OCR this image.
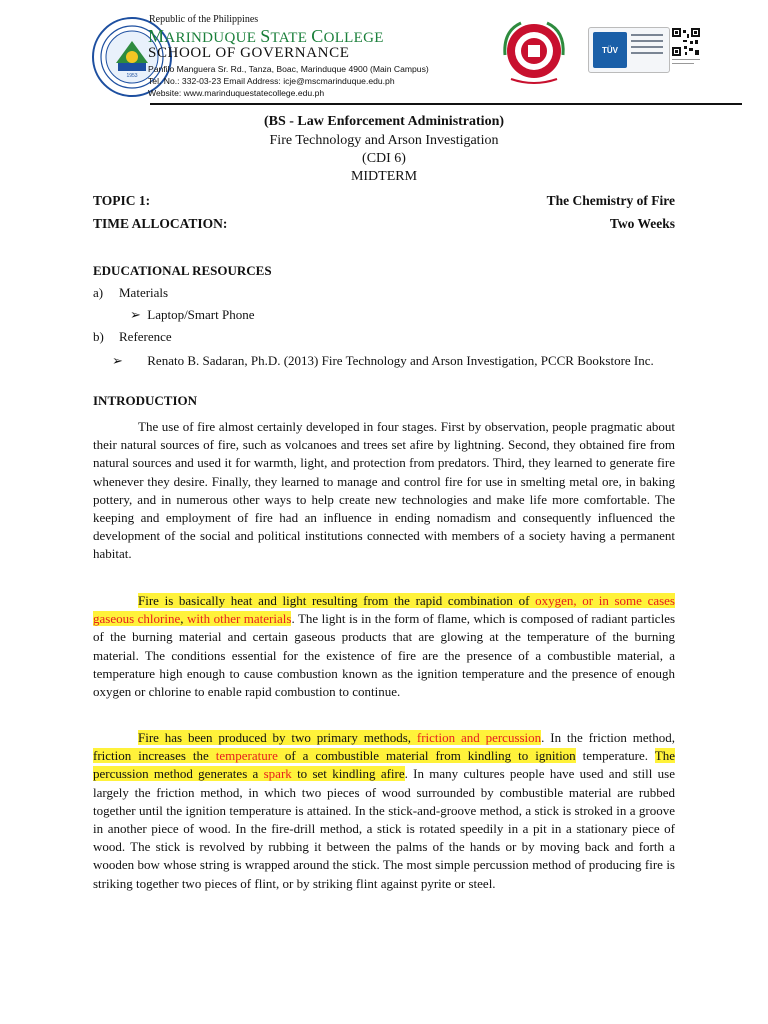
1953
Republic of the Philippines
MARINDUQUE STATE COLLEGE
SCHOOL OF GOVERNANCE
Panfilo Manguera Sr. Rd., Tanza, Boac, Marinduque 4900 (Main Campus)
Tel. No.: 332-03-23 Email Address: icje@mscmarinduque.edu.ph
Website: www.marinduquestatecollege.edu.ph
TÜV
(BS - Law Enforcement Administration)
Fire Technology and Arson Investigation
(CDI 6)
MIDTERM
TOPIC 1:	The Chemistry of Fire
TIME ALLOCATION:	Two Weeks
EDUCATIONAL RESOURCES
a) Materials
➢ Laptop/Smart Phone
b) Reference
➢ Renato B. Sadaran, Ph.D. (2013) Fire Technology and Arson Investigation, PCCR Bookstore Inc.
INTRODUCTION
The use of fire almost certainly developed in four stages. First by observation, people pragmatic about their natural sources of fire, such as volcanoes and trees set afire by lightning. Second, they obtained fire from natural sources and used it for warmth, light, and protection from predators. Third, they learned to generate fire whenever they desire. Finally, they learned to manage and control fire for use in smelting metal ore, in baking pottery, and in numerous other ways to help create new technologies and make life more comfortable. The keeping and employment of fire had an influence in ending nomadism and consequently influenced the development of the social and political institutions connected with members of a society having a permanent habitat.
Fire is basically heat and light resulting from the rapid combination of oxygen, or in some cases gaseous chlorine, with other materials. The light is in the form of flame, which is composed of radiant particles of the burning material and certain gaseous products that are glowing at the temperature of the burning material. The conditions essential for the existence of fire are the presence of a combustible material, a temperature high enough to cause combustion known as the ignition temperature and the presence of enough oxygen or chlorine to enable rapid combustion to continue.
Fire has been produced by two primary methods, friction and percussion. In the friction method, friction increases the temperature of a combustible material from kindling to ignition temperature. The percussion method generates a spark to set kindling afire. In many cultures people have used and still use largely the friction method, in which two pieces of wood surrounded by combustible material are rubbed together until the ignition temperature is attained. In the stick-and-groove method, a stick is stroked in a groove in another piece of wood. In the fire-drill method, a stick is rotated speedily in a pit in a stationary piece of wood. The stick is revolved by rubbing it between the palms of the hands or by moving back and forth a wooden bow whose string is wrapped around the stick. The most simple percussion method of producing fire is striking together two pieces of flint, or by striking flint against pyrite or steel.
